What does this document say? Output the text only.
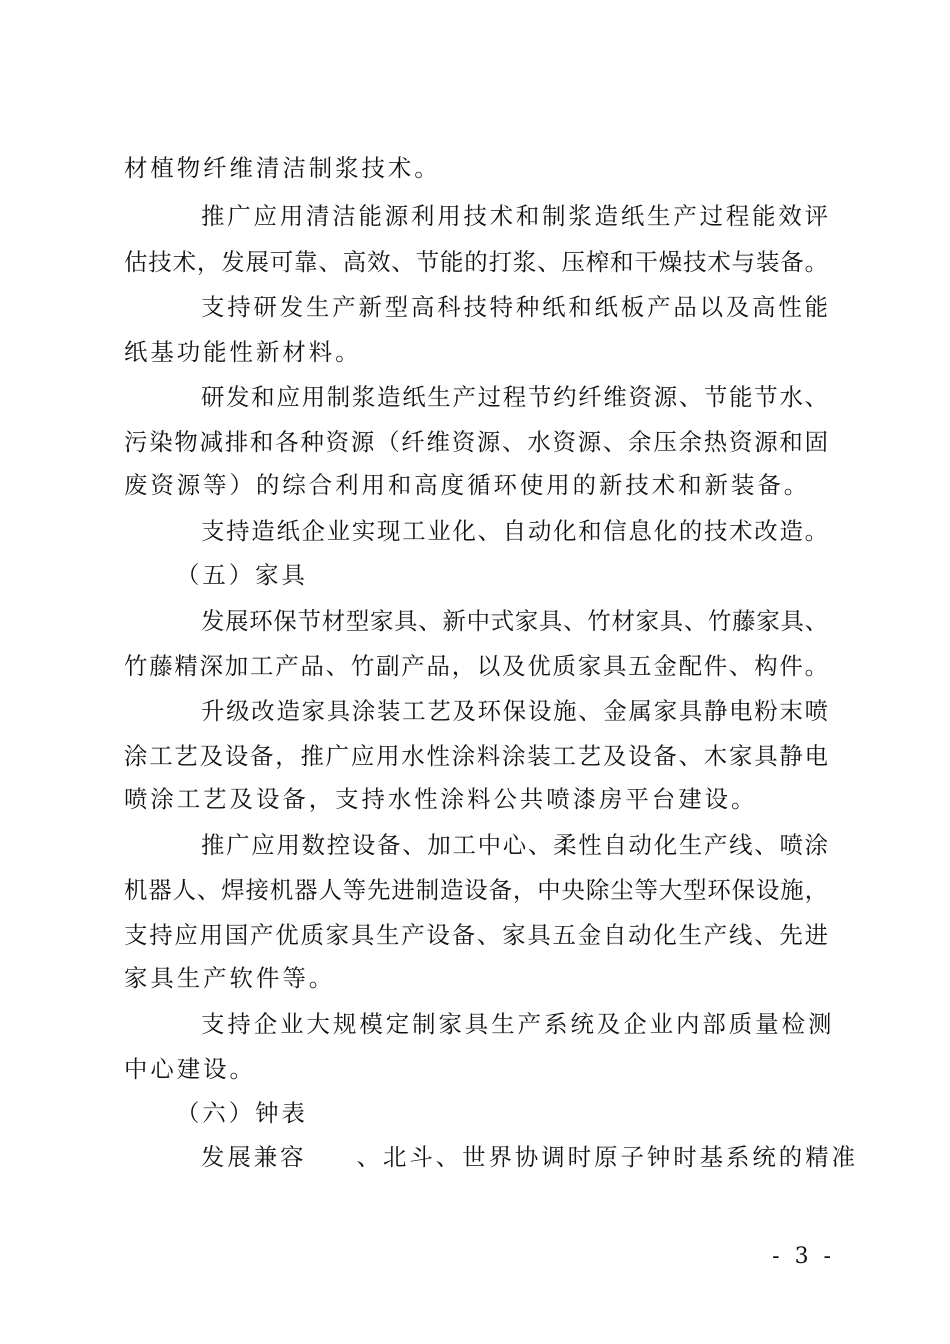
材植物纤维清洁制浆技术。
推广应用清洁能源利用技术和制浆造纸生产过程能效评
估技术，发展可靠、高效、节能的打浆、压榨和干燥技术与装备。
支持研发生产新型高科技特种纸和纸板产品以及高性能
纸基功能性新材料。
研发和应用制浆造纸生产过程节约纤维资源、节能节水、
污染物减排和各种资源（纤维资源、水资源、余压余热资源和固
废资源等）的综合利用和高度循环使用的新技术和新装备。
支持造纸企业实现工业化、自动化和信息化的技术改造。
（五）家具
发展环保节材型家具、新中式家具、竹材家具、竹藤家具、
竹藤精深加工产品、竹副产品，以及优质家具五金配件、构件。
升级改造家具涂装工艺及环保设施、金属家具静电粉末喷
涂工艺及设备，推广应用水性涂料涂装工艺及设备、木家具静电
喷涂工艺及设备，支持水性涂料公共喷漆房平台建设。
推广应用数控设备、加工中心、柔性自动化生产线、喷涂
机器人、焊接机器人等先进制造设备，中央除尘等大型环保设施，
支持应用国产优质家具生产设备、家具五金自动化生产线、先进
家具生产软件等。
支持企业大规模定制家具生产系统及企业内部质量检测
中心建设。
（六）钟表
发展兼容 、北斗、世界协调时原子钟时基系统的精准
- 3 -
